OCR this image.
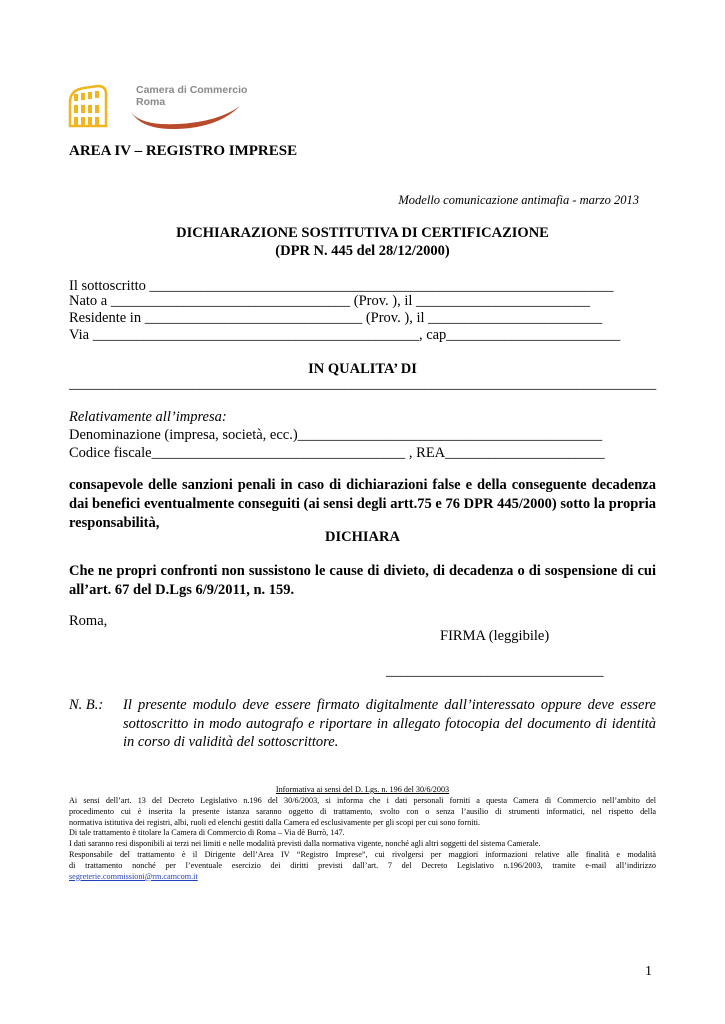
Camera di Commercio
Roma
AREA IV – REGISTRO IMPRESE
Modello comunicazione antimafia - marzo 2013
DICHIARAZIONE SOSTITUTIVA DI CERTIFICAZIONE
(DPR N. 445 del 28/12/2000)
Il sottoscritto ________________________________________________________________
Nato a _________________________________ (Prov. ), il ________________________
Residente in ______________________________ (Prov. ), il ________________________
Via _____________________________________________, cap________________________
IN QUALITA’ DI
_________________________________________________________________________________
Relativamente all’impresa:
Denominazione (impresa, società, ecc.)__________________________________________
Codice fiscale___________________________________ , REA______________________
consapevole delle sanzioni penali in caso di dichiarazioni false e della conseguente decadenza dai benefici eventualmente conseguiti (ai sensi degli artt.75 e 76 DPR 445/2000) sotto la propria responsabilità,
DICHIARA
Che ne propri confronti non sussistono le cause di divieto, di decadenza o di sospensione di cui all’art. 67 del D.Lgs 6/9/2011, n. 159.
Roma,
FIRMA (leggibile)
______________________________
N. B.: Il presente modulo deve essere firmato digitalmente dall’interessato oppure deve essere sottoscritto in modo autografo e riportare in allegato fotocopia del documento di identità in corso di validità del sottoscrittore.
Informativa ai sensi del D. Lgs. n. 196 del 30/6/2003
Ai sensi dell’art. 13 del Decreto Legislativo n.196 del 30/6/2003, si informa che i dati personali forniti a questa Camera di Commercio nell’ambito del
procedimento cui è inserita la presente istanza saranno oggetto di trattamento, svolto con o senza l’ausilio di strumenti informatici, nel rispetto della
normativa istitutiva dei registri, albi, ruoli ed elenchi gestiti dalla Camera ed esclusivamente per gli scopi per cui sono forniti.
Di tale trattamento è titolare la Camera di Commercio di Roma – Via dè Burrò, 147.
I dati saranno resi disponibili ai terzi nei limiti e nelle modalità previsti dalla normativa vigente, nonché agli altri soggetti del sistema Camerale.
Responsabile del trattamento è il Dirigente dell’Area IV “Registro Imprese”, cui rivolgersi per maggiori informazioni relative alle finalità e modalità
di trattamento nonché per l’eventuale esercizio dei diritti previsti dall’art. 7 del Decreto Legislativo n.196/2003, tramite e-mail all’indirizzo
segreterie.commissioni@rm.camcom.it
1
